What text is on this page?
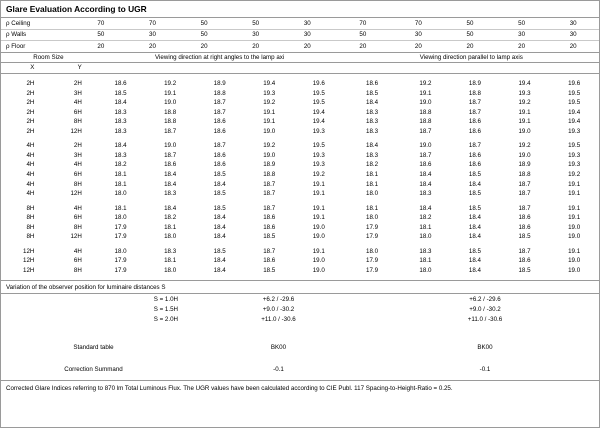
Glare Evaluation According to UGR
ρ Ceiling	70	70	50	50	30	70	70	50	50	30
ρ Walls	50	30	50	30	30	50	30	50	30	30
ρ Floor	20	20	20	20	20	20	20	20	20	20
Room Size		Viewing direction at right angles to the lamp axi					Viewing direction parallel to lamp axis				
X	Y										

2H	2H	18.6	19.2	18.9	19.4	19.6	18.6	19.2	18.9	19.4	19.6
2H	3H	18.5	19.1	18.8	19.3	19.5	18.5	19.1	18.8	19.3	19.5
2H	4H	18.4	19.0	18.7	19.2	19.5	18.4	19.0	18.7	19.2	19.5
2H	6H	18.3	18.8	18.7	19.1	19.4	18.3	18.8	18.7	19.1	19.4
2H	8H	18.3	18.8	18.6	19.1	19.4	18.3	18.8	18.6	19.1	19.4
2H	12H	18.3	18.7	18.6	19.0	19.3	18.3	18.7	18.6	19.0	19.3

4H	2H	18.4	19.0	18.7	19.2	19.5	18.4	19.0	18.7	19.2	19.5
4H	3H	18.3	18.7	18.6	19.0	19.3	18.3	18.7	18.6	19.0	19.3
4H	4H	18.2	18.6	18.6	18.9	19.3	18.2	18.6	18.6	18.9	19.3
4H	6H	18.1	18.4	18.5	18.8	19.2	18.1	18.4	18.5	18.8	19.2
4H	8H	18.1	18.4	18.4	18.7	19.1	18.1	18.4	18.4	18.7	19.1
4H	12H	18.0	18.3	18.5	18.7	19.1	18.0	18.3	18.5	18.7	19.1

8H	4H	18.1	18.4	18.5	18.7	19.1	18.1	18.4	18.5	18.7	19.1
8H	6H	18.0	18.2	18.4	18.6	19.1	18.0	18.2	18.4	18.6	19.1
8H	8H	17.9	18.1	18.4	18.6	19.0	17.9	18.1	18.4	18.6	19.0
8H	12H	17.9	18.0	18.4	18.5	19.0	17.9	18.0	18.4	18.5	19.0

12H	4H	18.0	18.3	18.5	18.7	19.1	18.0	18.3	18.5	18.7	19.1
12H	6H	17.9	18.1	18.4	18.6	19.0	17.9	18.1	18.4	18.6	19.0
12H	8H	17.9	18.0	18.4	18.5	19.0	17.9	18.0	18.4	18.5	19.0

Variation of the observer position for luminaire distances S
S = 1.0H	+6.2 / -29.6	+6.2 / -29.6
S = 1.5H	+9.0 / -30.2	+9.0 / -30.2
S = 2.0H	+11.0 / -30.6	+11.0 / -30.6

Standard table	BK00	BK00
Correction Summand	-0.1	-0.1
Corrected Glare Indices referring to 870 lm Total Luminous Flux. The UGR values have been calculated according to CIE Publ. 117 Spacing-to-Height-Ratio = 0.25.
